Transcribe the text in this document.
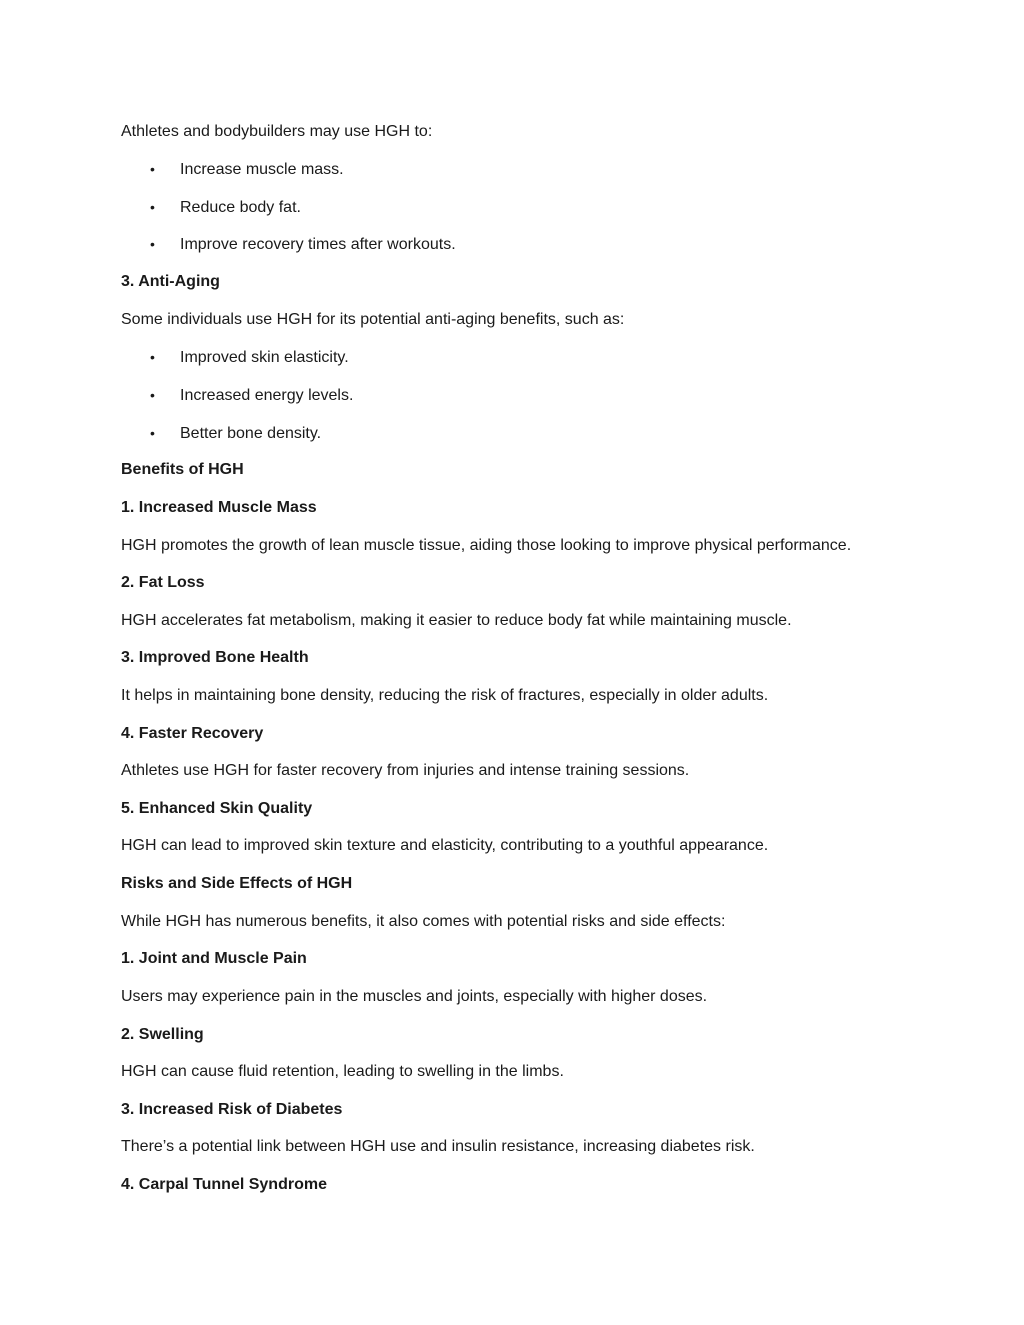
Athletes and bodybuilders may use HGH to:

• Increase muscle mass.
• Reduce body fat.
• Improve recovery times after workouts.

3. Anti-Aging

Some individuals use HGH for its potential anti-aging benefits, such as:

• Improved skin elasticity.
• Increased energy levels.
• Better bone density.

Benefits of HGH

1. Increased Muscle Mass

HGH promotes the growth of lean muscle tissue, aiding those looking to improve physical performance.

2. Fat Loss

HGH accelerates fat metabolism, making it easier to reduce body fat while maintaining muscle.

3. Improved Bone Health

It helps in maintaining bone density, reducing the risk of fractures, especially in older adults.

4. Faster Recovery

Athletes use HGH for faster recovery from injuries and intense training sessions.

5. Enhanced Skin Quality

HGH can lead to improved skin texture and elasticity, contributing to a youthful appearance.

Risks and Side Effects of HGH

While HGH has numerous benefits, it also comes with potential risks and side effects:

1. Joint and Muscle Pain

Users may experience pain in the muscles and joints, especially with higher doses.

2. Swelling

HGH can cause fluid retention, leading to swelling in the limbs.

3. Increased Risk of Diabetes

There’s a potential link between HGH use and insulin resistance, increasing diabetes risk.

4. Carpal Tunnel Syndrome
